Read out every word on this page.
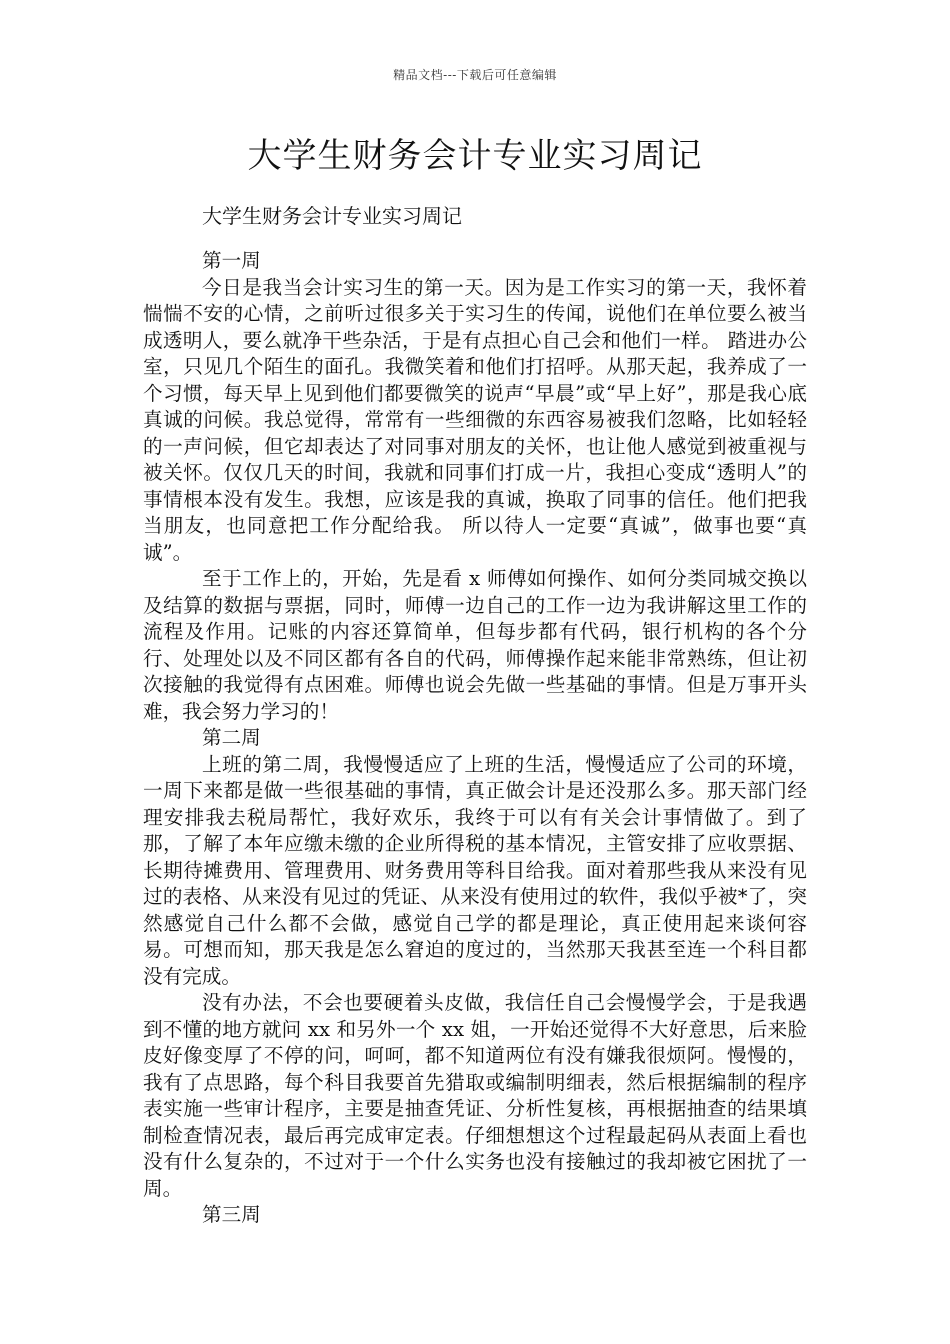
精品文档---下载后可任意编辑
大学生财务会计专业实习周记
大学生财务会计专业实习周记
第一周
今日是我当会计实习生的第一天。因为是工作实习的第一天，我怀着惴惴不安的心情，之前听过很多关于实习生的传闻，说他们在单位要么被当成透明人，要么就净干些杂活，于是有点担心自己会和他们一样。 踏进办公室，只见几个陌生的面孔。我微笑着和他们打招呼。从那天起，我养成了一个习惯，每天早上见到他们都要微笑的说声“早晨”或“早上好”，那是我心底真诚的问候。我总觉得，常常有一些细微的东西容易被我们忽略，比如轻轻的一声问候，但它却表达了对同事对朋友的关怀，也让他人感觉到被重视与被关怀。仅仅几天的时间，我就和同事们打成一片，我担心变成“透明人”的事情根本没有发生。我想，应该是我的真诚，换取了同事的信任。他们把我当朋友，也同意把工作分配给我。 所以待人一定要“真诚”，做事也要“真诚”。
至于工作上的，开始，先是看 x 师傅如何操作、如何分类同城交换以及结算的数据与票据，同时，师傅一边自己的工作一边为我讲解这里工作的流程及作用。记账的内容还算简单，但每步都有代码，银行机构的各个分行、处理处以及不同区都有各自的代码，师傅操作起来能非常熟练，但让初次接触的我觉得有点困难。师傅也说会先做一些基础的事情。但是万事开头难，我会努力学习的！
第二周
上班的第二周，我慢慢适应了上班的生活，慢慢适应了公司的环境，一周下来都是做一些很基础的事情，真正做会计是还没那么多。那天部门经理安排我去税局帮忙，我好欢乐，我终于可以有有关会计事情做了。到了那，了解了本年应缴未缴的企业所得税的基本情况，主管安排了应收票据、长期待摊费用、管理费用、财务费用等科目给我。面对着那些我从来没有见过的表格、从来没有见过的凭证、从来没有使用过的软件，我似乎被*了，突然感觉自己什么都不会做，感觉自己学的都是理论，真正使用起来谈何容易。可想而知，那天我是怎么窘迫的度过的，当然那天我甚至连一个科目都没有完成。
没有办法，不会也要硬着头皮做，我信任自己会慢慢学会，于是我遇到不懂的地方就问 xx 和另外一个 xx 姐，一开始还觉得不大好意思，后来脸皮好像变厚了不停的问，呵呵，都不知道两位有没有嫌我很烦阿。慢慢的，我有了点思路，每个科目我要首先猎取或编制明细表，然后根据编制的程序表实施一些审计程序，主要是抽查凭证、分析性复核，再根据抽查的结果填制检查情况表，最后再完成审定表。仔细想想这个过程最起码从表面上看也没有什么复杂的，不过对于一个什么实务也没有接触过的我却被它困扰了一周。
第三周
